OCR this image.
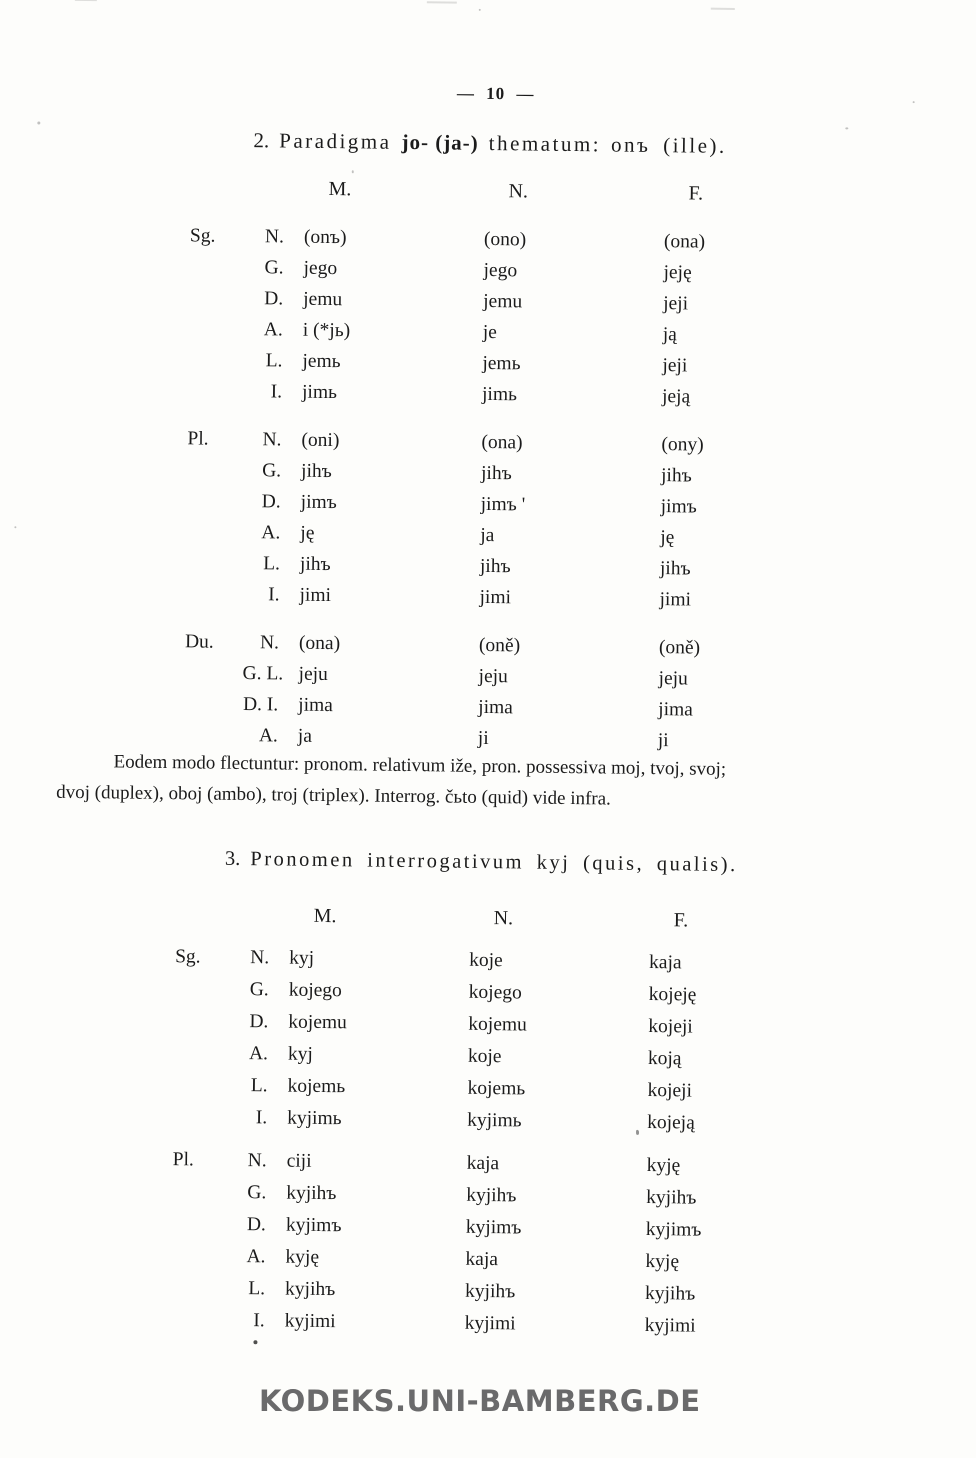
— 10 —
2. Paradigma jo- (ja-) thematum: onъ (ille).
M.	N.	F.
Sg.	N.	(onъ)	(ono)	(ona)
G.	jego	jego	jeję
D.	jemu	jemu	jeji
A.	i (*jь)	je	ją
L.	jemь	jemь	jeji
I.	jimь	jimь	jeją
Pl.	N.	(oni)	(ona)	(ony)
G.	jihъ	jihъ	jihъ
D.	jimъ	jimъ '	jimъ
A.	ję	ja	ję
L.	jihъ	jihъ	jihъ
I.	jimi	jimi	jimi
Du.	N.	(ona)	(oně)	(oně)
G. L. jeju	jeju	jeju
D. I.	jima	jima	jima
A.	ja	ji	ji
Eodem modo flectuntur: pronom. relativum iže, pron. possessiva moj, tvoj, svoj;
dvoj (duplex), oboj (ambo), troj (triplex). Interrog. čьto (quid) vide infra.
3. Pronomen interrogativum kyj (quis, qualis).
M.	N.	F.
Sg.	N.	kyj	koje	kaja
G.	kojego	kojego	kojeję
D.	kojemu	kojemu	kojeji
A.	kyj	koje	koją
L.	kojemь	kojemь	kojeji
I.	kyjimь	kyjimь	kojeją
Pl.	N.	ciji	kaja	kyję
G.	kyjihъ	kyjihъ	kyjihъ
D.	kyjimъ	kyjimъ	kyjimъ
A.	kyję	kaja	kyję
L.	kyjihъ	kyjihъ	kyjihъ
I.	kyjimi	kyjimi	kyjimi
KODEKS.UNI-BAMBERG.DE
